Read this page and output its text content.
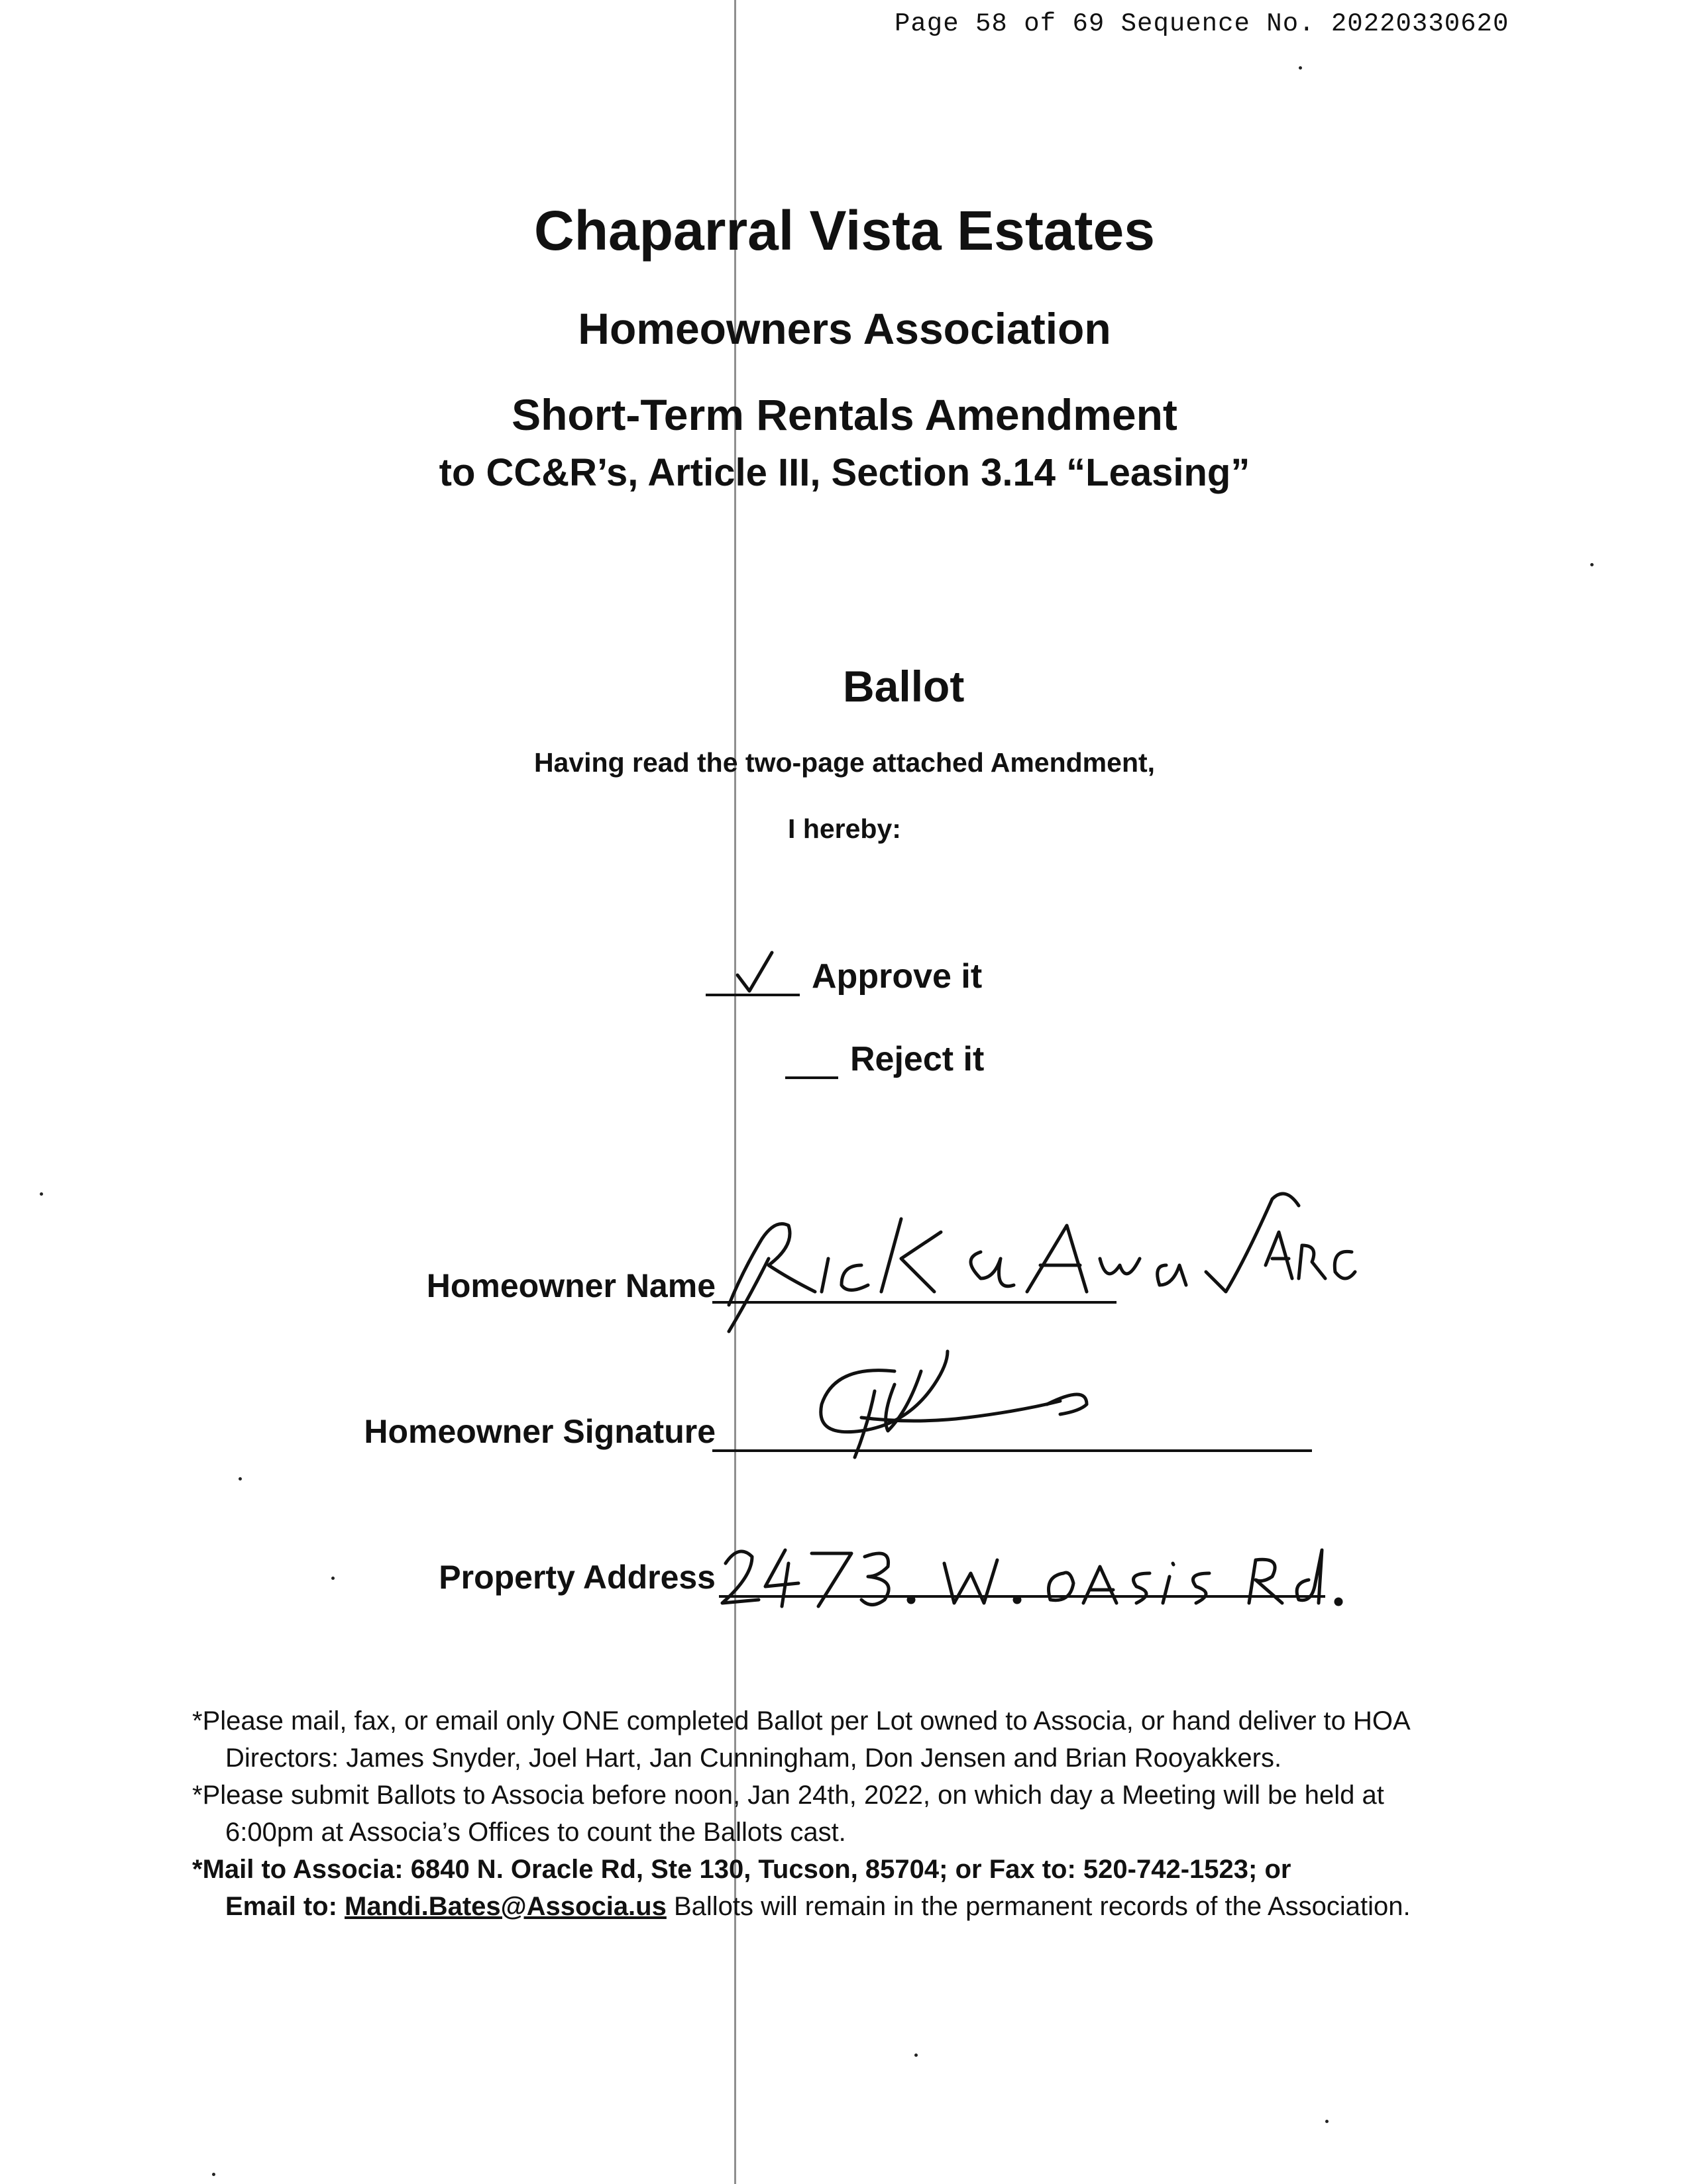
Page 58 of 69 Sequence No. 20220330620
Chaparral Vista Estates
Homeowners Association
Short-Term Rentals Amendment
to CC&R’s, Article III, Section 3.14 “Leasing”
Ballot
Having read the two-page attached Amendment,
I hereby:
Approve it
Reject it
Homeowner Name
Homeowner Signature
Property Address
*Please mail, fax, or email only ONE completed Ballot per Lot owned to Associa, or hand deliver to HOA
Directors: James Snyder, Joel Hart, Jan Cunningham, Don Jensen and Brian Rooyakkers.
*Please submit Ballots to Associa before noon, Jan 24th, 2022, on which day a Meeting will be held at
6:00pm at Associa’s Offices to count the Ballots cast.
*Mail to Associa: 6840 N. Oracle Rd, Ste 130, Tucson, 85704; or Fax to: 520-742-1523; or
Email to: Mandi.Bates@Associa.us Ballots will remain in the permanent records of the Association.
